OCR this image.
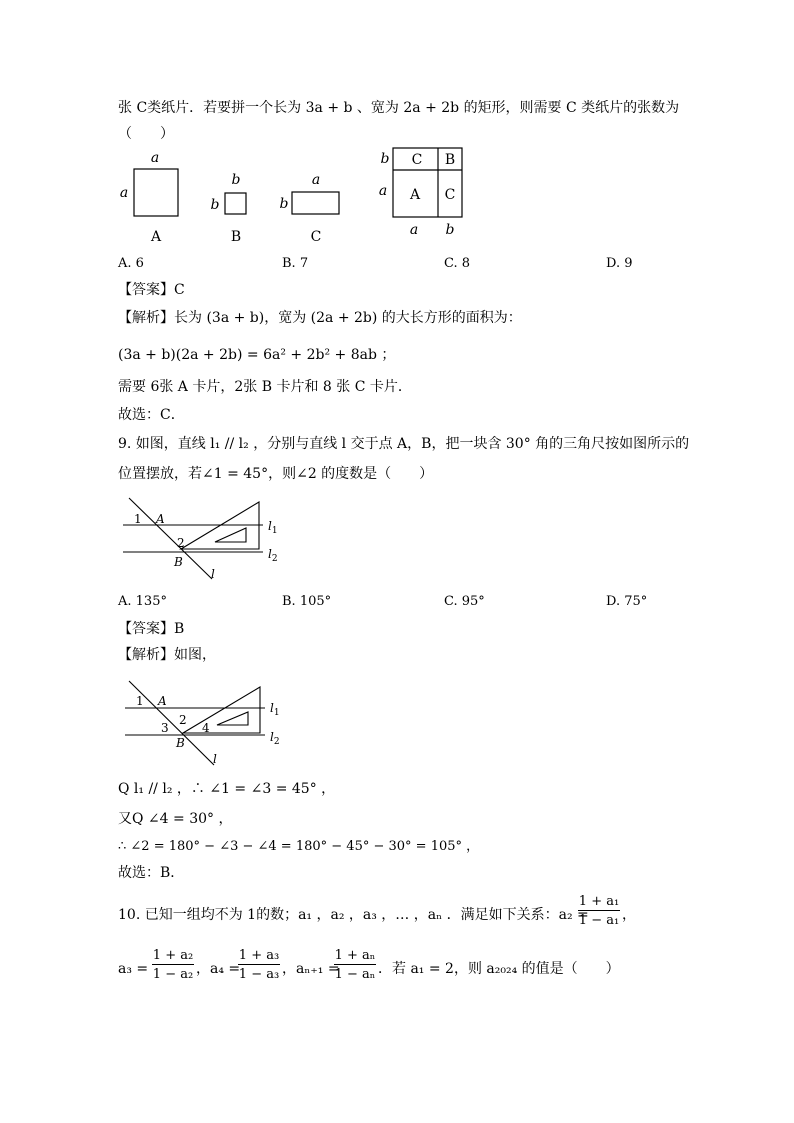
张 C类纸片．若要拼一个长为 3a + b 、宽为 2a + 2b 的矩形，则需要 C 类纸片的张数为
（　　）
a
a
A
b
b
B
a
b
C
C B
A C
b
a
a b
A. 6	B. 7	C. 8	D. 9
【答案】C
【解析】长为 (3a + b)，宽为 (2a + 2b) 的大长方形的面积为：
(3a + b)(2a + 2b) = 6a² + 2b² + 8ab ；
需要 6张 A 卡片，2张 B 卡片和 8 张 C 卡片．
故选：C．
9. 如图，直线 l₁ // l₂ ，分别与直线 l 交于点 A，B，把一块含 30° 角的三角尺按如图所示的
位置摆放，若∠1 = 45°，则∠2 的度数是（　　）
1 A
2
B
l
$l_1$
$l_2$
A. 135°	B. 105°	C. 95°	D. 75°
【答案】B
【解析】如图，
1 A
2
3	4
B
l
$l_1$
$l_2$
Q l₁ // l₂ ，∴ ∠1 = ∠3 = 45° ，
又Q ∠4 = 30° ，
∴ ∠2 = 180° − ∠3 − ∠4 = 180° − 45° − 30° = 105° ，
故选：B．
10. 已知一组均不为 1的数；a₁ ，a₂ ，a₃ ，… ，aₙ ．满足如下关系：a₂ =
$\frac{\text{1 + a₁}}{\text{1 − a₁}}$ ，
$a_3 = \frac{\text{1 + a₂}}{\text{1 − a₂}}$ ，a₄ =
$\frac{\text{1 + a₃}}{\text{1 − a₃}}$ ，aₙ₊₁ =
$\frac{\text{1 + aₙ}}{\text{1 − aₙ}}$ ．若 a₁ = 2，则 a₂₀₂₄ 的值是（　　）
